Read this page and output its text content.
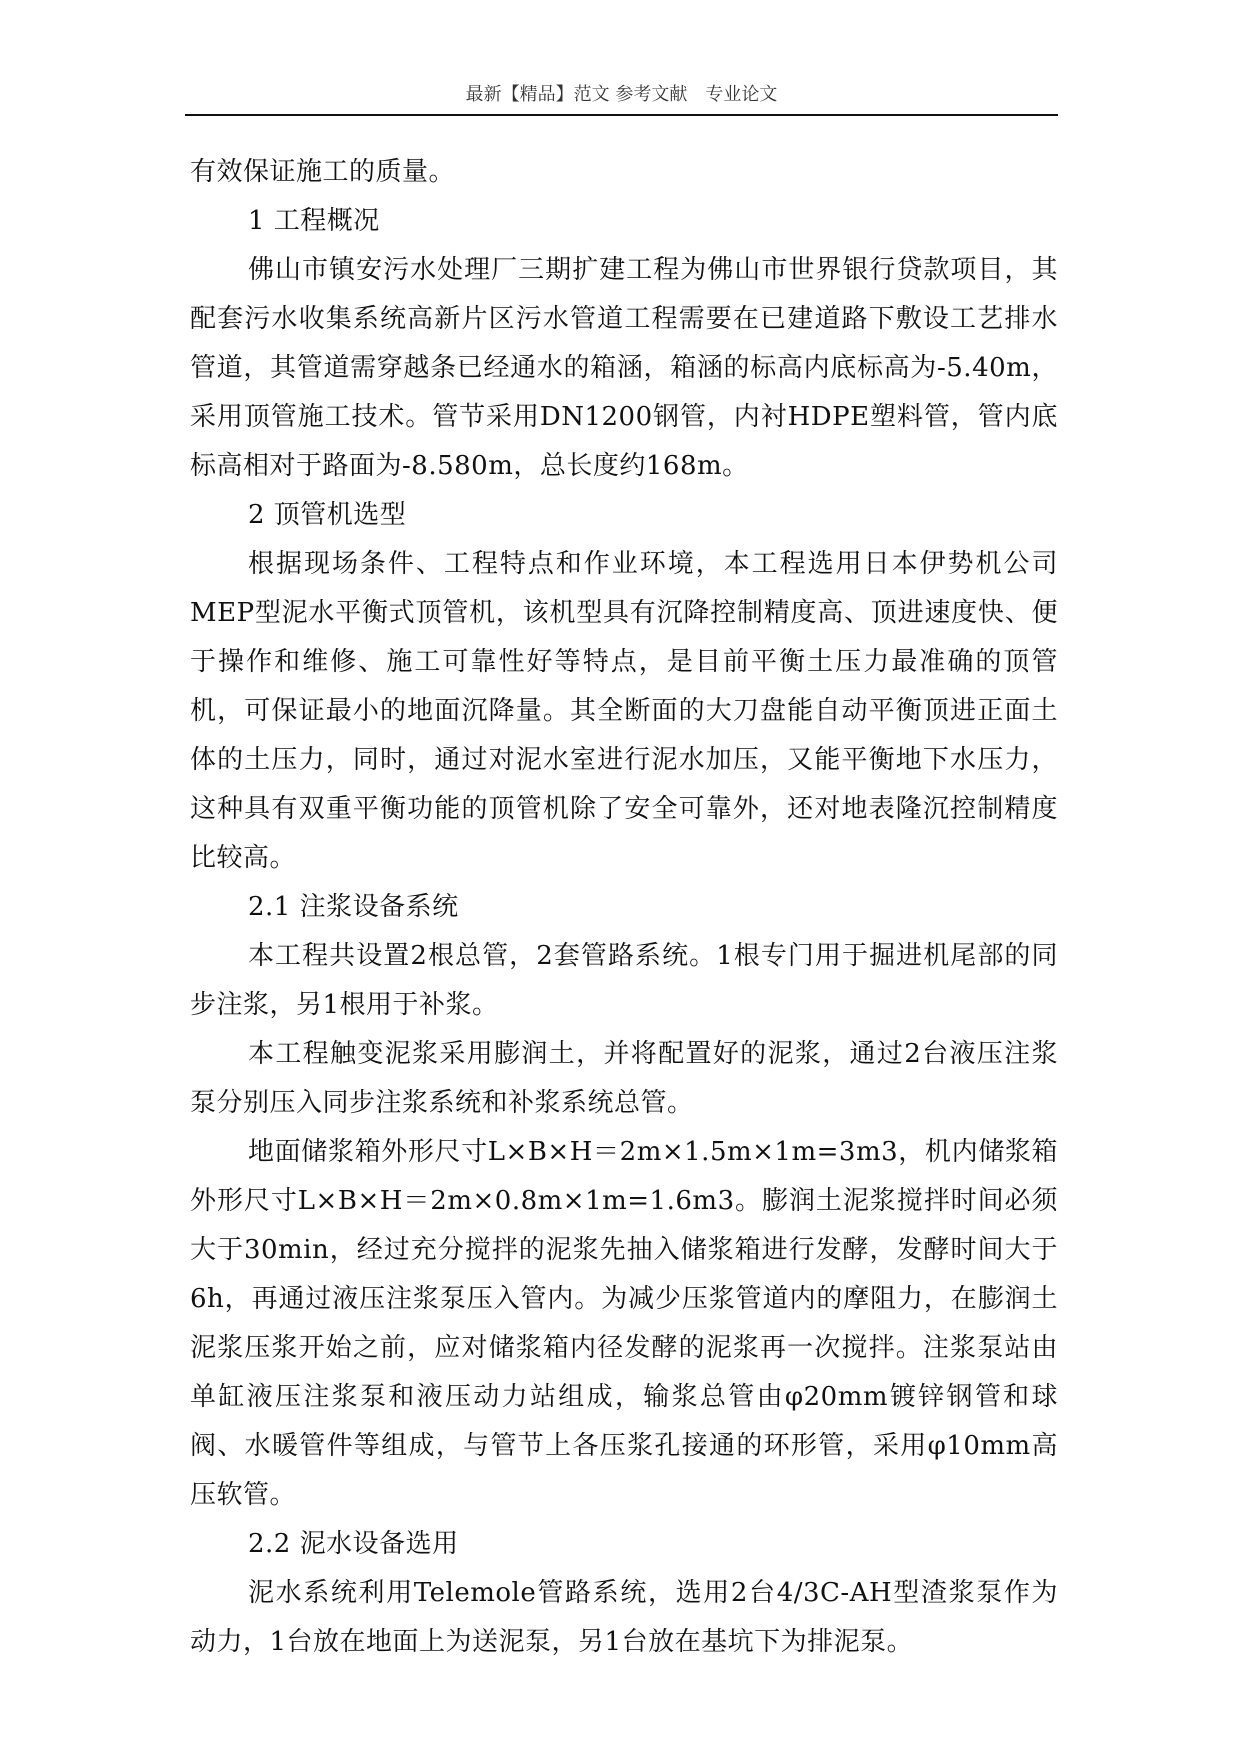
最新【精品】范文 参考文献　专业论文

有效保证施工的质量。

1 工程概况

佛山市镇安污水处理厂三期扩建工程为佛山市世界银行贷款项目，其配套污水收集系统高新片区污水管道工程需要在已建道路下敷设工艺排水管道，其管道需穿越条已经通水的箱涵，箱涵的标高内底标高为-5.40m，采用顶管施工技术。管节采用DN1200钢管，内衬HDPE塑料管，管内底标高相对于路面为-8.580m，总长度约168m。

2 顶管机选型

根据现场条件、工程特点和作业环境，本工程选用日本伊势机公司MEP型泥水平衡式顶管机，该机型具有沉降控制精度高、顶进速度快、便于操作和维修、施工可靠性好等特点，是目前平衡土压力最准确的顶管机，可保证最小的地面沉降量。其全断面的大刀盘能自动平衡顶进正面土体的土压力，同时，通过对泥水室进行泥水加压，又能平衡地下水压力，这种具有双重平衡功能的顶管机除了安全可靠外，还对地表隆沉控制精度比较高。

2.1 注浆设备系统

本工程共设置2根总管，2套管路系统。1根专门用于掘进机尾部的同步注浆，另1根用于补浆。

本工程触变泥浆采用膨润土，并将配置好的泥浆，通过2台液压注浆泵分别压入同步注浆系统和补浆系统总管。

地面储浆箱外形尺寸L×B×H＝2m×1.5m×1m=3m3，机内储浆箱外形尺寸L×B×H＝2m×0.8m×1m=1.6m3。膨润土泥浆搅拌时间必须大于30min，经过充分搅拌的泥浆先抽入储浆箱进行发酵，发酵时间大于6h，再通过液压注浆泵压入管内。为减少压浆管道内的摩阻力，在膨润土泥浆压浆开始之前，应对储浆箱内径发酵的泥浆再一次搅拌。注浆泵站由单缸液压注浆泵和液压动力站组成，输浆总管由φ20mm镀锌钢管和球阀、水暖管件等组成，与管节上各压浆孔接通的环形管，采用φ10mm高压软管。

2.2 泥水设备选用

泥水系统利用Telemole管路系统，选用2台4/3C-AH型渣浆泵作为动力，1台放在地面上为送泥泵，另1台放在基坑下为排泥泵。
